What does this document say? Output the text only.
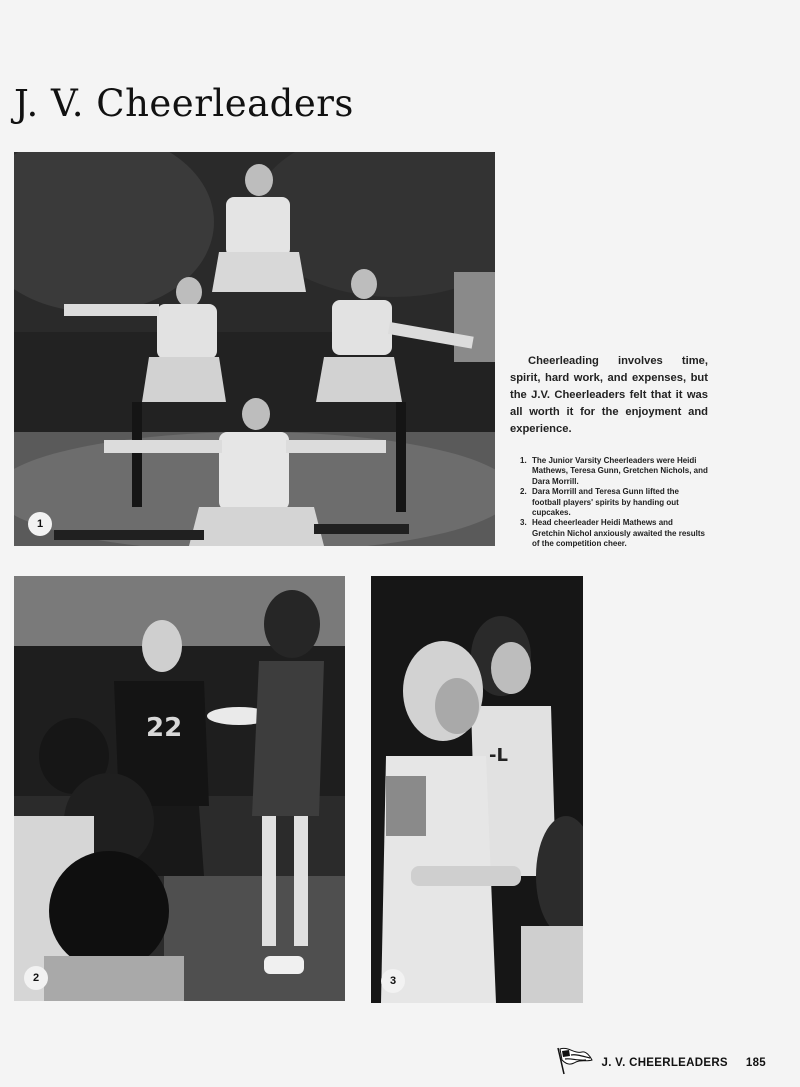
J. V. Cheerleaders
1

Cheerleading involves time, spirit, hard work, and expenses, but the J.V. Cheerleaders felt that it was all worth it for the enjoyment and experience.

1. The Junior Varsity Cheerleaders were Heidi Mathews, Teresa Gunn, Gretchen Nichols, and Dara Morrill.
2. Dara Morrill and Teresa Gunn lifted the football players' spirits by handing out cupcakes.
3. Head cheerleader Heidi Mathews and Gretchin Nichol anxiously awaited the results of the competition cheer.
22
2
-L
3
J. V. CHEERLEADERS 185
